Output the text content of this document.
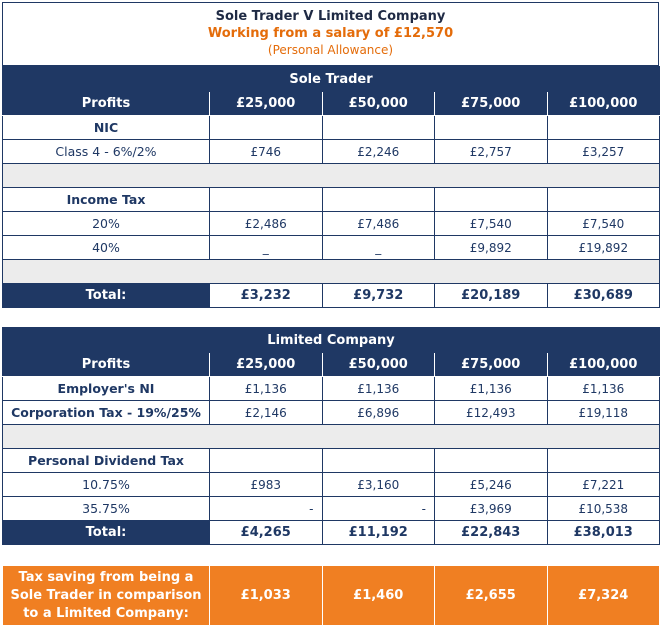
Sole Trader V Limited Company
Working from a salary of £12,570
(Personal Allowance)
Sole Trader				
Profits	£25,000	£50,000	£75,000	£100,000
NIC				
Class 4 - 6%/2%	£746	£2,246	£2,757	£3,257

Income Tax				
20%	£2,486	£7,486	£7,540	£7,540
40%	_	_	£9,892	£19,892

Total:	£3,232	£9,732	£20,189	£30,689
Limited Company				
Profits	£25,000	£50,000	£75,000	£100,000
Employer's NI	£1,136	£1,136	£1,136	£1,136
Corporation Tax - 19%/25%	£2,146	£6,896	£12,493	£19,118

Personal Dividend Tax				
10.75%	£983	£3,160	£5,246	£7,221
35.75%	-	-	£3,969	£10,538
Total:	£4,265	£11,192	£22,843	£38,013
Tax saving from being a Sole Trader in comparison to a Limited Company:	£1,033	£1,460	£2,655	£7,324
